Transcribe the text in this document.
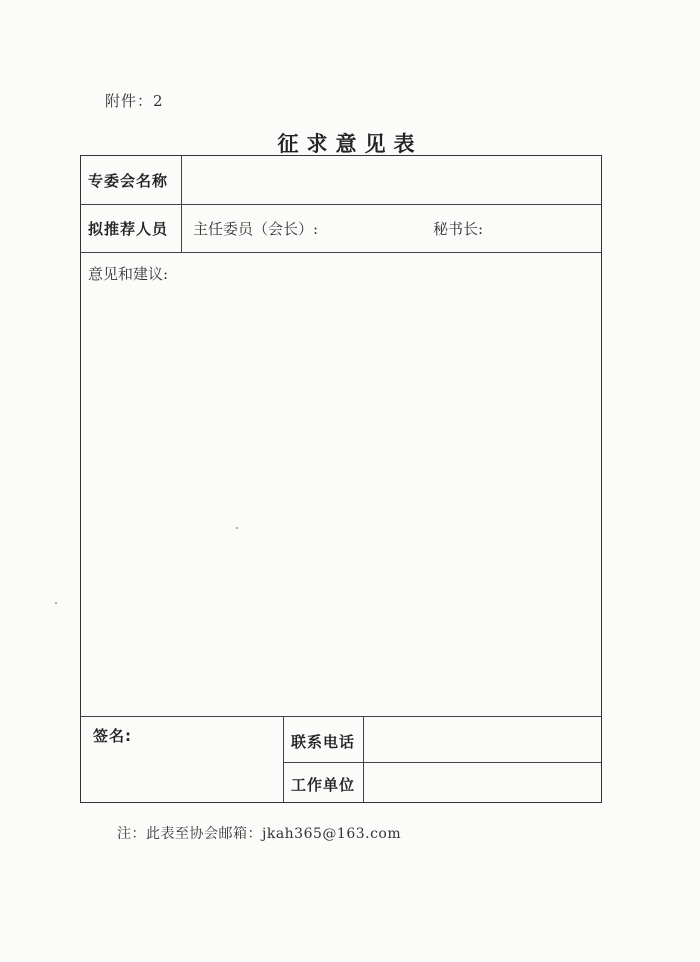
附件：2
征求意见表
专委会名称
拟推荐人员 主任委员（会长）:	秘书长:
意见和建议:
签名:	联系电话
工作单位
注：此表至协会邮箱：jkah365@163.com
